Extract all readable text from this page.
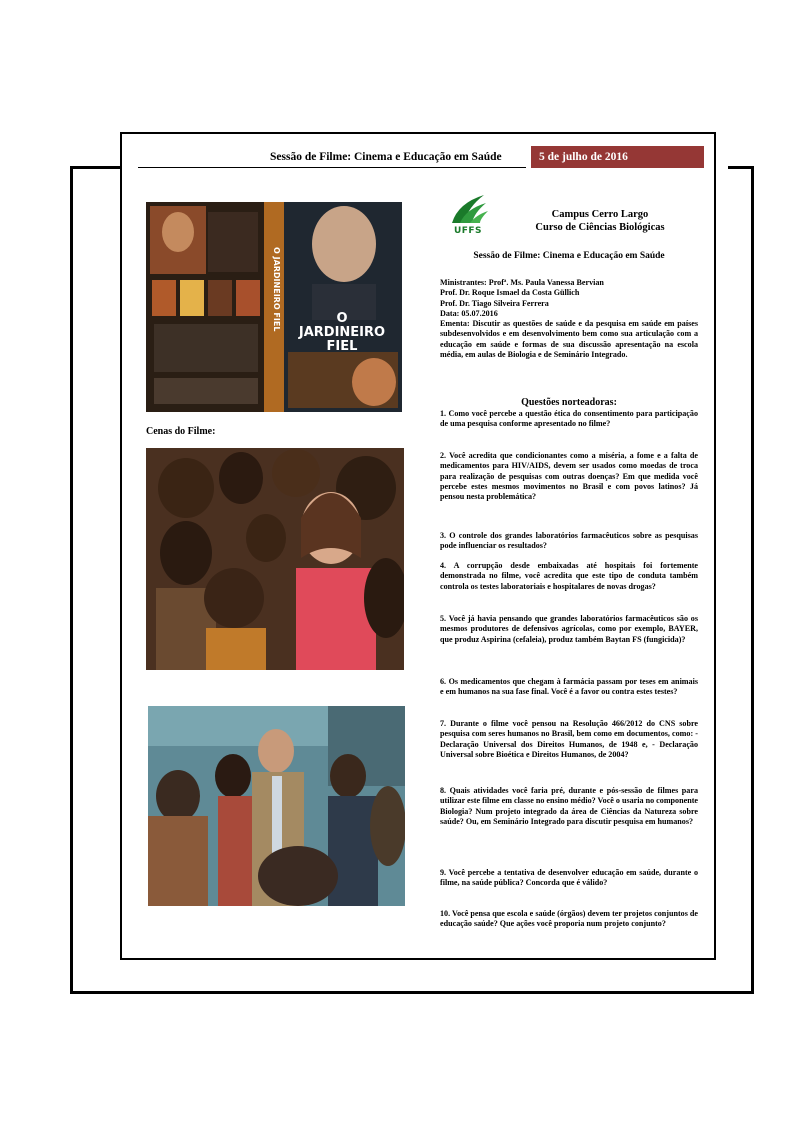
Sessão de Filme: Cinema e Educação em Saúde	5 de julho de 2016
O JARDINEIRO FIEL	O JARDINEIRO FIEL
Cenas do Filme:
UFFS
Campus Cerro Largo
Curso de Ciências Biológicas
Sessão de Filme: Cinema e Educação em Saúde

Ministrantes: Profª. Ms. Paula Vanessa Bervian

Prof. Dr. Roque Ismael da Costa Güllich

Prof. Dr. Tiago Silveira Ferrera

Data: 05.07.2016

Ementa: Discutir as questões de saúde e da pesquisa em saúde em países subdesenvolvidos e em desenvolvimento bem como sua articulação com a educação em saúde e formas de sua discussão apresentação na escola média, em aulas de Biologia e de Seminário Integrado.

Questões norteadoras:

1. Como você percebe a questão ética do consentimento para participação de uma pesquisa conforme apresentado no filme?

2. Você acredita que condicionantes como a miséria, a fome e a falta de medicamentos para HIV/AIDS, devem ser usados como moedas de troca para realização de pesquisas com outras doenças? Em que medida você percebe estes mesmos movimentos no Brasil e com povos latinos? Já pensou nesta problemática?

3. O controle dos grandes laboratórios farmacêuticos sobre as pesquisas pode influenciar os resultados?

4. A corrupção desde embaixadas até hospitais foi fortemente demonstrada no filme, você acredita que este tipo de conduta também controla os testes laboratoriais e hospitalares de novas drogas?

5. Você já havia pensando que grandes laboratórios farmacêuticos são os mesmos produtores de defensivos agrícolas, como por exemplo, BAYER, que produz Aspirina (cefaleia), produz também Baytan FS (fungicida)?

6. Os medicamentos que chegam à farmácia passam por teses em animais e em humanos na sua fase final. Você é a favor ou contra estes testes?

7. Durante o filme você pensou na Resolução 466/2012 do CNS sobre pesquisa com seres humanos no Brasil, bem como em documentos, como: - Declaração Universal dos Direitos Humanos, de 1948 e, - Declaração Universal sobre Bioética e Direitos Humanos, de 2004?

8. Quais atividades você faria pré, durante e pós-sessão de filmes para utilizar este filme em classe no ensino médio? Você o usaria no componente Biologia? Num projeto integrado da área de Ciências da Natureza sobre saúde? Ou, em Seminário Integrado para discutir pesquisa em humanos?

9. Você percebe a tentativa de desenvolver educação em saúde, durante o filme, na saúde pública? Concorda que é válido?

10. Você pensa que escola e saúde (órgãos) devem ter projetos conjuntos de educação saúde? Que ações você proporia num projeto conjunto?
